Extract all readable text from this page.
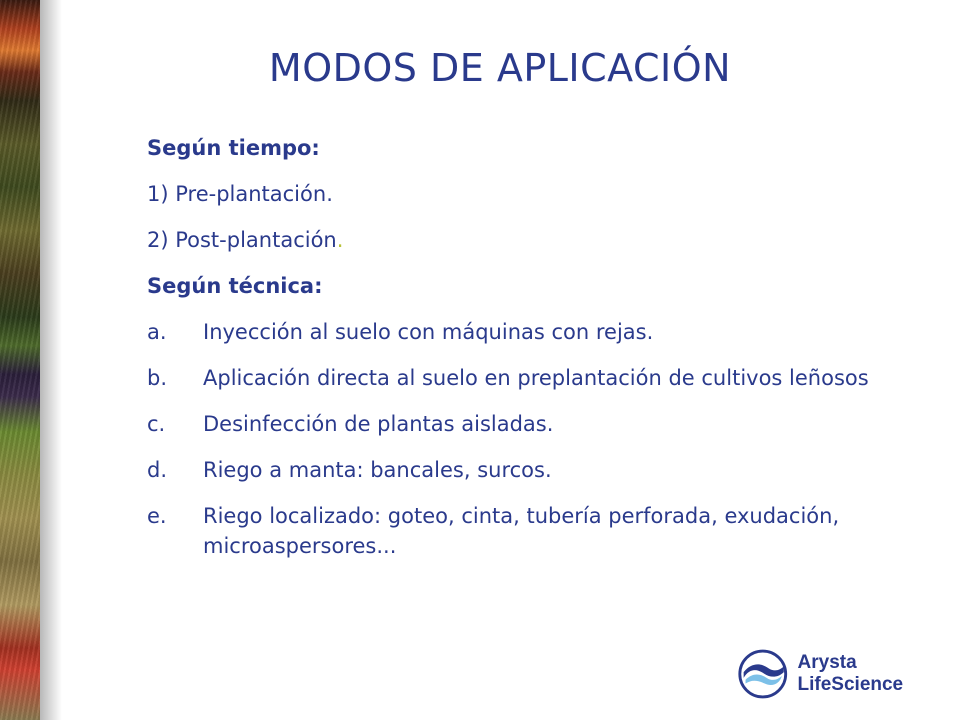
MODOS DE APLICACIÓN
Según tiempo:
1) Pre-plantación.
2) Post-plantación.
Según técnica:
a.	Inyección al suelo con máquinas con rejas.
b.	Aplicación directa al suelo en preplantación de cultivos leñosos
c.	Desinfección de plantas aisladas.
d.	Riego a manta: bancales, surcos.
e.	Riego localizado: goteo, cinta, tubería perforada, exudación, microaspersores...
Arysta LifeScience
